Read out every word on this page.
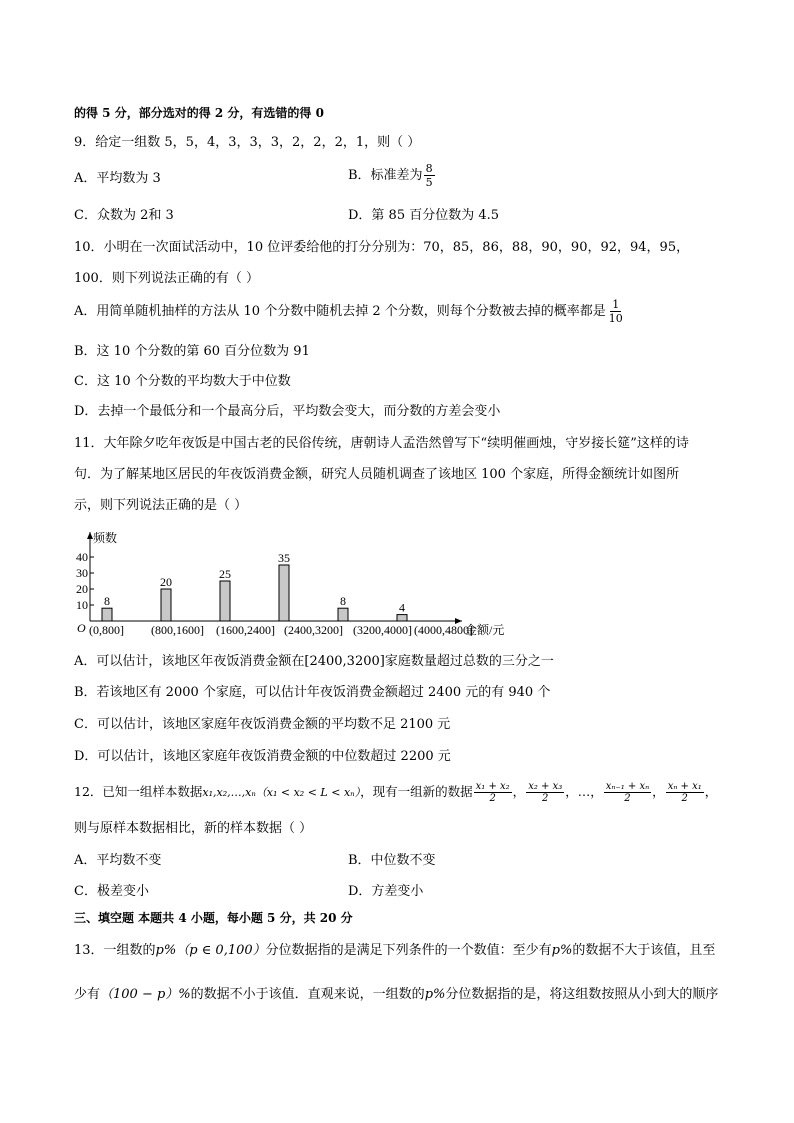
的得 5 分，部分选对的得 2 分，有选错的得 0
9．给定一组数 5，5，4，3，3，3，2，2，2，1，则（ ）
A．平均数为 3	B．标准差为 $\frac{8}{5}$
C．众数为 2和 3	D．第 85 百分位数为 4.5
10．小明在一次面试活动中，10 位评委给他的打分分别为：70，85，86，88，90，90，92，94，95，
100．则下列说法正确的有（ ）
A．用简单随机抽样的方法从 10 个分数中随机去掉 2 个分数，则每个分数被去掉的概率都是 $\frac{1}{10}$
B．这 10 个分数的第 60 百分位数为 91
C．这 10 个分数的平均数大于中位数
D．去掉一个最低分和一个最高分后，平均数会变大，而分数的方差会变小
11．大年除夕吃年夜饭是中国古老的民俗传统，唐朝诗人孟浩然曾写下“续明催画烛，守岁接长筵”这样的诗
句．为了解某地区居民的年夜饭消费金额，研究人员随机调查了该地区 100 个家庭，所得金额统计如图所
示，则下列说法正确的是（ ）
频数
O
10
20
30
40
8
20
25
35
8	4
(0,800] (800,1600] (1600,2400] (2400,3200] (3200,4000] (4000,4800]
金额/元
A．可以估计，该地区年夜饭消费金额在[2400,3200]家庭数量超过总数的三分之一
B．若该地区有 2000 个家庭，可以估计年夜饭消费金额超过 2400 元的有 940 个
C．可以估计，该地区家庭年夜饭消费金额的平均数不足 2100 元
D．可以估计，该地区家庭年夜饭消费金额的中位数超过 2200 元
12．已知一组样本数据x₁,x₂,…,xₙ（x₁ < x₂ < L < xₙ），现有一组新的数据 $\frac{\text{x₁ + x₂}}{2}$ ， $\frac{\text{x₂ + x₃}}{2}$ ，…， $\frac{\text{xₙ₋₁ + xₙ}}{2}$ ， $\frac{\text{xₙ + x₁}}{2}$ ，
则与原样本数据相比，新的样本数据（ ）
A．平均数不变	B．中位数不变
C．极差变小	D．方差变小
三、填空题 本题共 4 小题，每小题 5 分，共 20 分
13．一组数的p%（p ∈ 0,100）分位数据指的是满足下列条件的一个数值：至少有p%的数据不大于该值，且至
少有（100 − p）%的数据不小于该值．直观来说，一组数的p%分位数据指的是，将这组数按照从小到大的顺序
